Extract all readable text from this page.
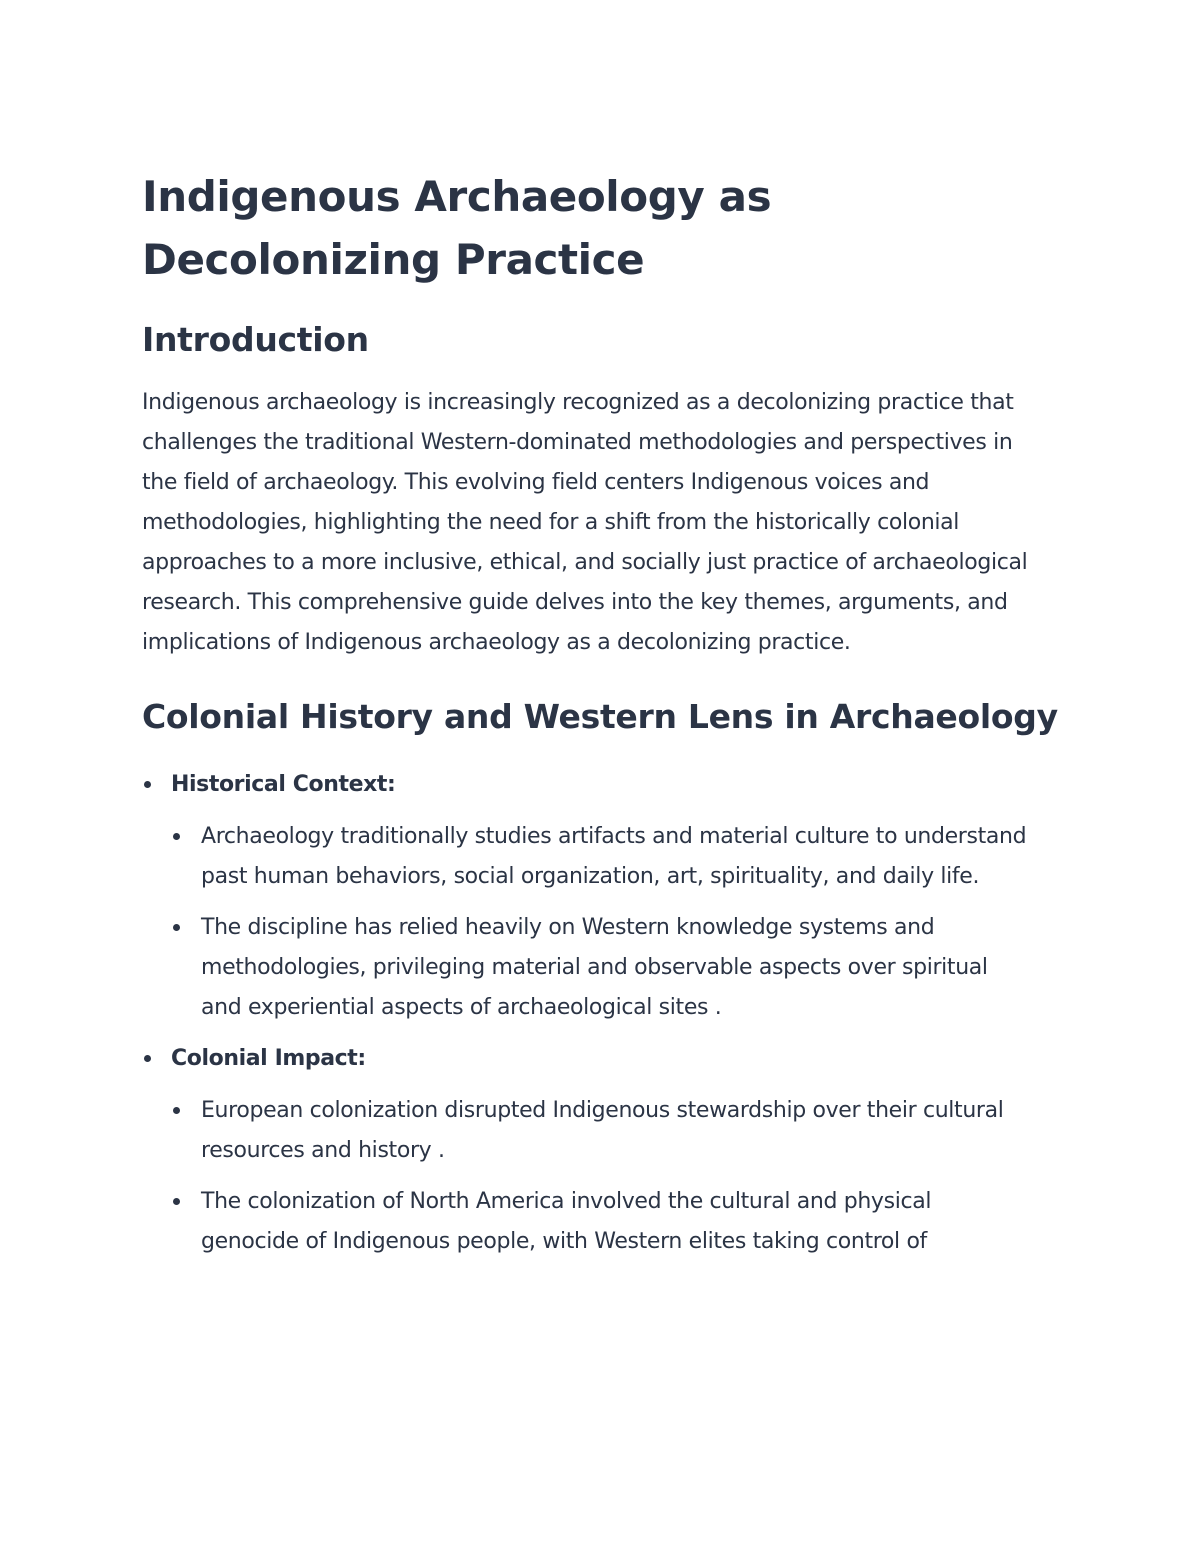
Indigenous Archaeology as Decolonizing Practice
Introduction

Indigenous archaeology is increasingly recognized as a decolonizing practice that challenges the traditional Western-dominated methodologies and perspectives in the field of archaeology. This evolving field centers Indigenous voices and methodologies, highlighting the need for a shift from the historically colonial approaches to a more inclusive, ethical, and socially just practice of archaeological research. This comprehensive guide delves into the key themes, arguments, and implications of Indigenous archaeology as a decolonizing practice.

Colonial History and Western Lens in Archaeology
Historical Context:
Archaeology traditionally studies artifacts and material culture to understand past human behaviors, social organization, art, spirituality, and daily life.
The discipline has relied heavily on Western knowledge systems and methodologies, privileging material and observable aspects over spiritual and experiential aspects of archaeological sites .
Colonial Impact:
European colonization disrupted Indigenous stewardship over their cultural resources and history .
The colonization of North America involved the cultural and physical genocide of Indigenous people, with Western elites taking control of
